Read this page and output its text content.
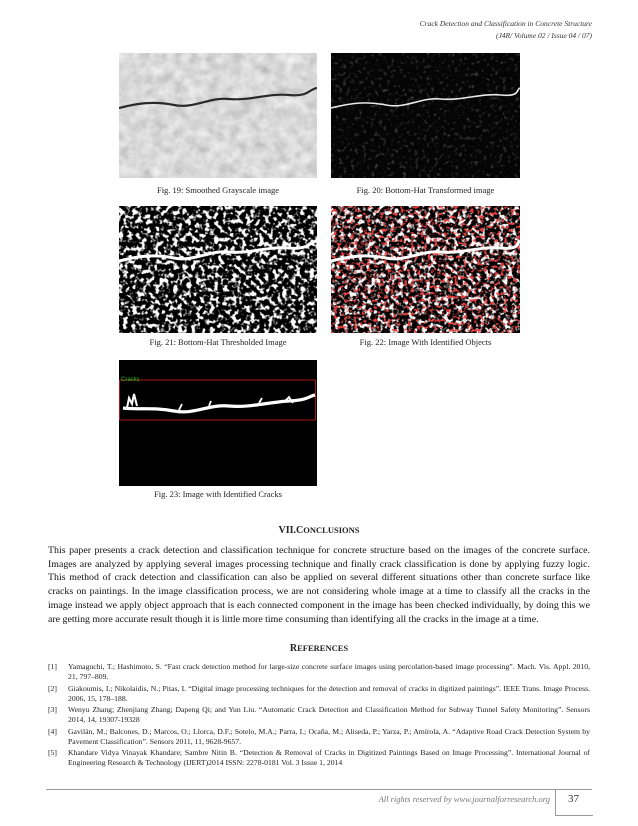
Crack Detection and Classification in Concrete Structure
(J4R/ Volume 02 / Issue 04 / 07)
Fig. 19: Smoothed Grayscale image	Fig. 20: Bottom-Hat Transformed image
Fig. 21: Bottom-Hat Thresholded Image	Fig. 22: Image With Identified Objects
Cracks
Fig. 23: Image with Identified Cracks
VII.CONCLUSIONS
This paper presents a crack detection and classification technique for concrete structure based on the images of the concrete surface. Images are analyzed by applying several images processing technique and finally crack classification is done by applying fuzzy logic. This method of crack detection and classification can also be applied on several different situations other than concrete surface like cracks on paintings. In the image classification process, we are not considering whole image at a time to classify all the cracks in the image instead we apply object approach that is each connected component in the image has been checked individually, by doing this we are getting more accurate result though it is little more time consuming than identifying all the cracks in the image at a time.
REFERENCES
[1]	Yamaguchi, T.; Hashimoto, S. “Fast crack detection method for large-size concrete surface images using percolation-based image processing”. Mach. Vis. Appl. 2010, 21, 797–809.
[2]	Giakoumis, I.; Nikolaidis, N.; Pitas, I. “Digital image processing techniques for the detection and removal of cracks in digitized paintings”. IEEE Trans. Image Process. 2006, 15, 178–188.
[3]	Wenyu Zhang; Zhenjiang Zhang; Dapeng Qi; and Yun Liu. “Automatic Crack Detection and Classification Method for Subway Tunnel Safety Monitoring”. Sensors 2014, 14, 19307-19328
[4]	Gavilán, M.; Balcones, D.; Marcos, O.; Llorca, D.F.; Sotelo, M.A.; Parra, I.; Ocaña, M.; Aliseda, P.; Yarza, P.; Amírola, A. “Adaptive Road Crack Detection System by Pavement Classification”. Sensors 2011, 11, 9628-9657.
[5]	Khandare Vidya Vinayak Khandare; Sambre Nitin B. “Detection & Removal of Cracks in Digitized Paintings Based on Image Processing”. International Journal of Engineering Research & Technology (IJERT)2014 ISSN: 2278-0181 Vol. 3 Issue 1, 2014
All rights reserved by www.journalforresearch.org	37
